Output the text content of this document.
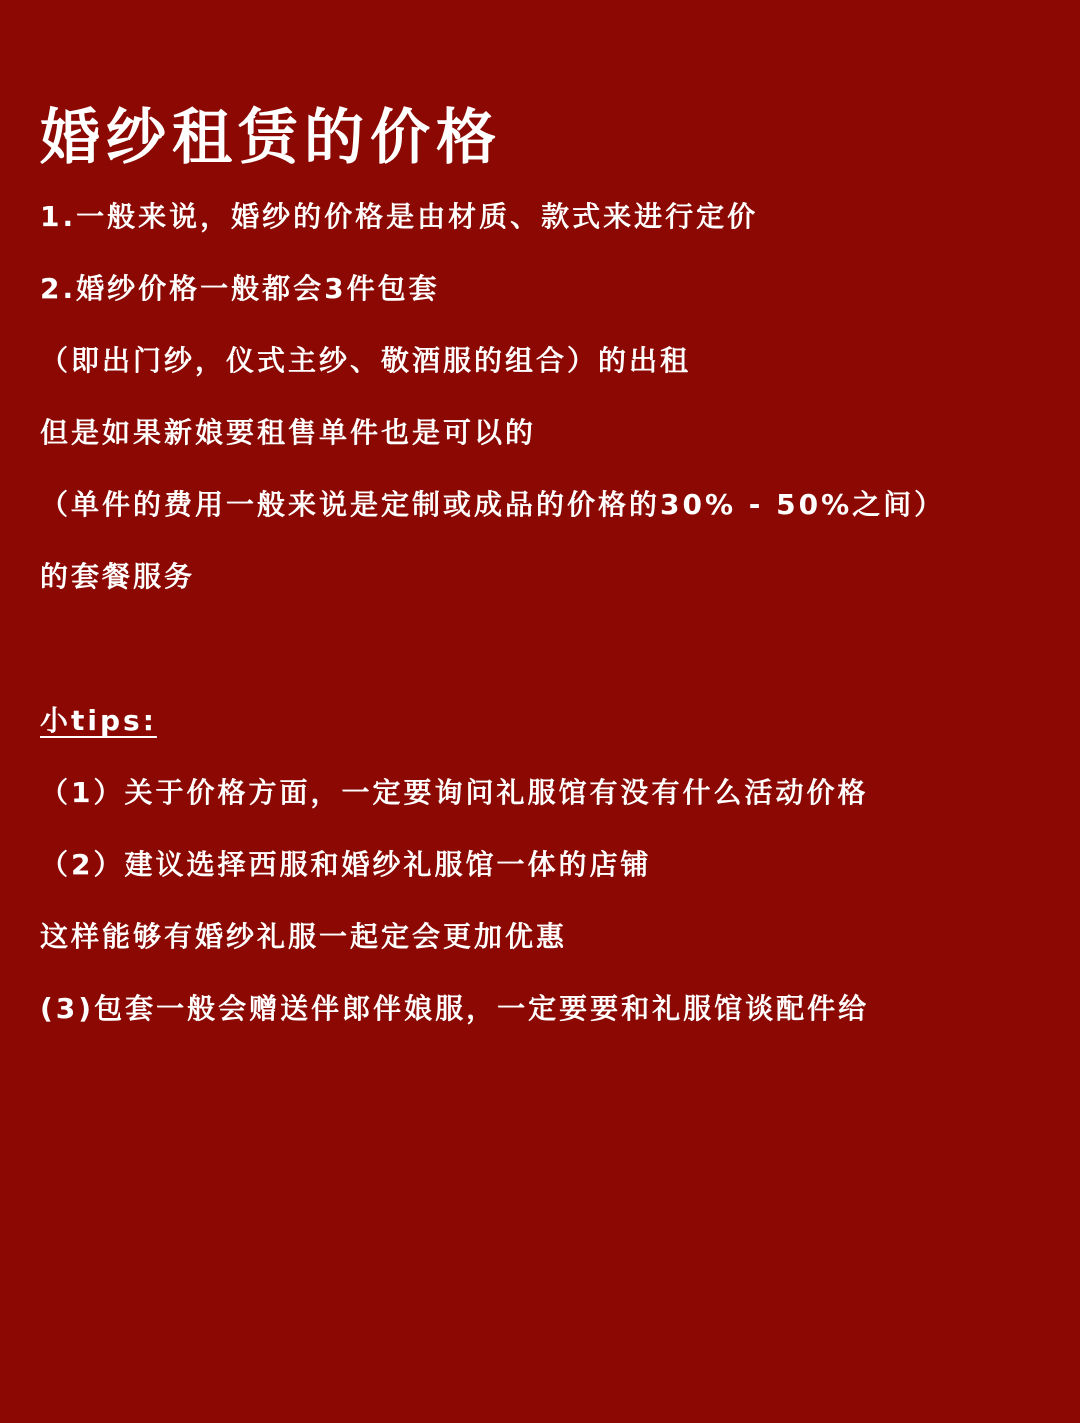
婚纱租赁的价格
1.一般来说，婚纱的价格是由材质、款式来进行定价
2.婚纱价格一般都会3件包套
（即出门纱，仪式主纱、敬酒服的组合）的出租
但是如果新娘要租售单件也是可以的
（单件的费用一般来说是定制或成品的价格的30% - 50%之间）
的套餐服务
小tips:
（1）关于价格方面，一定要询问礼服馆有没有什么活动价格
（2）建议选择西服和婚纱礼服馆一体的店铺
这样能够有婚纱礼服一起定会更加优惠
(3)包套一般会赠送伴郎伴娘服，一定要要和礼服馆谈配件给
